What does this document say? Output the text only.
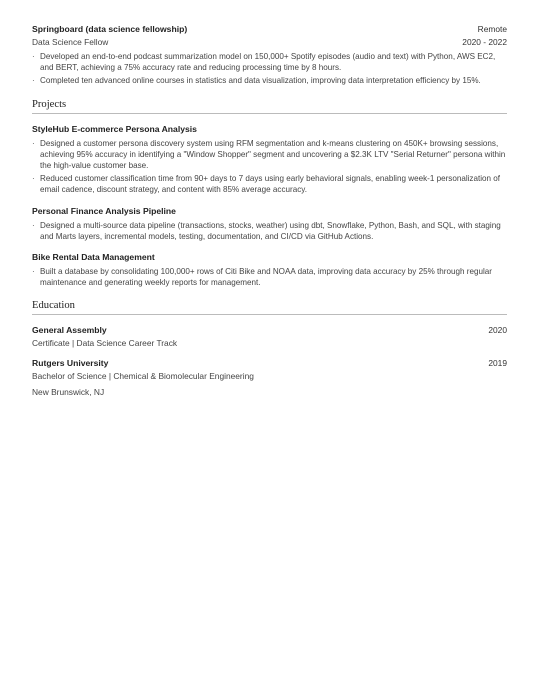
Springboard (data science fellowship)	Remote
Data Science Fellow	2020 - 2022
· Developed an end-to-end podcast summarization model on 150,000+ Spotify episodes (audio and text) with Python, AWS EC2, and BERT, achieving a 75% accuracy rate and reducing processing time by 8 hours.
· Completed ten advanced online courses in statistics and data visualization, improving data interpretation efficiency by 15%.
Projects
StyleHub E-commerce Persona Analysis
· Designed a customer persona discovery system using RFM segmentation and k-means clustering on 450K+ browsing sessions, achieving 95% accuracy in identifying a "Window Shopper" segment and uncovering a $2.3K LTV "Serial Returner" persona within the high-value customer base.
· Reduced customer classification time from 90+ days to 7 days using early behavioral signals, enabling week-1 personalization of email cadence, discount strategy, and content with 85% average accuracy.
Personal Finance Analysis Pipeline
· Designed a multi-source data pipeline (transactions, stocks, weather) using dbt, Snowflake, Python, Bash, and SQL, with staging and Marts layers, incremental models, testing, documentation, and CI/CD via GitHub Actions.
Bike Rental Data Management
· Built a database by consolidating 100,000+ rows of Citi Bike and NOAA data, improving data accuracy by 25% through regular maintenance and generating weekly reports for management.
Education
General Assembly	2020
Certificate | Data Science Career Track
Rutgers University	2019
Bachelor of Science | Chemical & Biomolecular Engineering
New Brunswick, NJ
